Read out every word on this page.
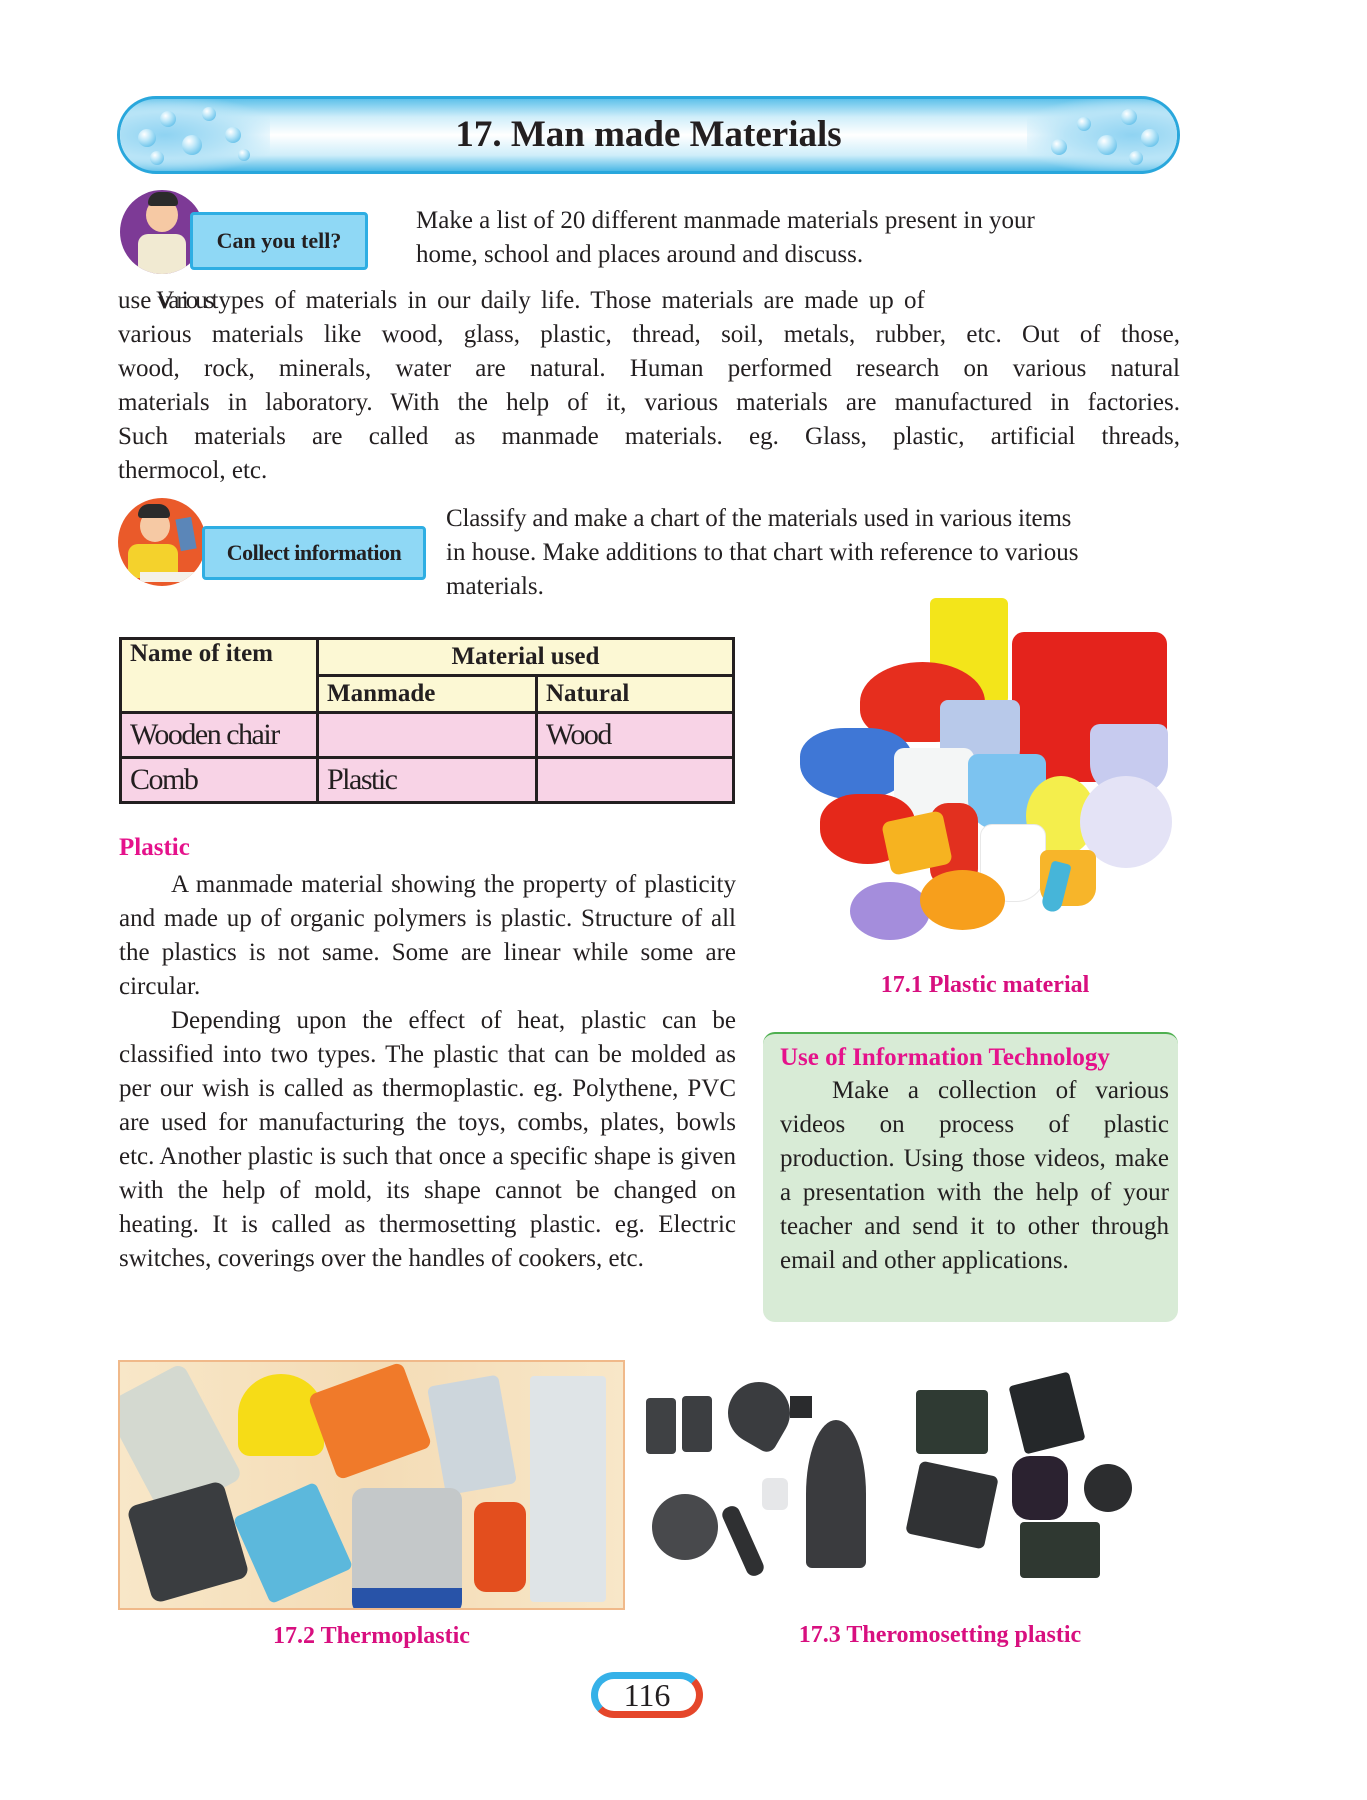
17. Man made Materials
Can you tell?
Make a list of 20 different manmade materials present in your
home, school and places around and discuss.
use vVarioustypes of materials in our daily life. Those materials are made up of
various materials like wood, glass, plastic, thread, soil, metals, rubber, etc. Out of those,
wood, rock, minerals, water are natural. Human performed research on various natural
materials in laboratory. With the help of it, various materials are manufactured in factories.
Such materials are called as manmade materials. eg. Glass, plastic, artificial threads,
thermocol, etc.
Collect information
Classify and make a chart of the materials used in various items
in house. Make additions to that chart with reference to various
materials.
Name of item	Material used	
	Manmade	Natural
Wooden chair		Wood
Comb	Plastic	
Plastic
A manmade material showing the property of plasticity and made up of organic polymers is plastic. Structure of all the plastics is not same. Some are linear while some are circular.
Depending upon the effect of heat, plastic can be classified into two types. The plastic that can be molded as per our wish is called as thermoplastic. eg. Polythene, PVC are used for manufacturing the toys, combs, plates, bowls etc. Another plastic is such that once a specific shape is given with the help of mold, its shape cannot be changed on heating. It is called as thermosetting plastic. eg. Electric switches, coverings over the handles of cookers, etc.
17.1 Plastic material
Use of Information Technology
Make a collection of various videos on process of plastic production. Using those videos, make a presentation with the help of your teacher and send it to other through email and other applications.
17.2 Thermoplastic	17.3 Theromosetting plastic
116
